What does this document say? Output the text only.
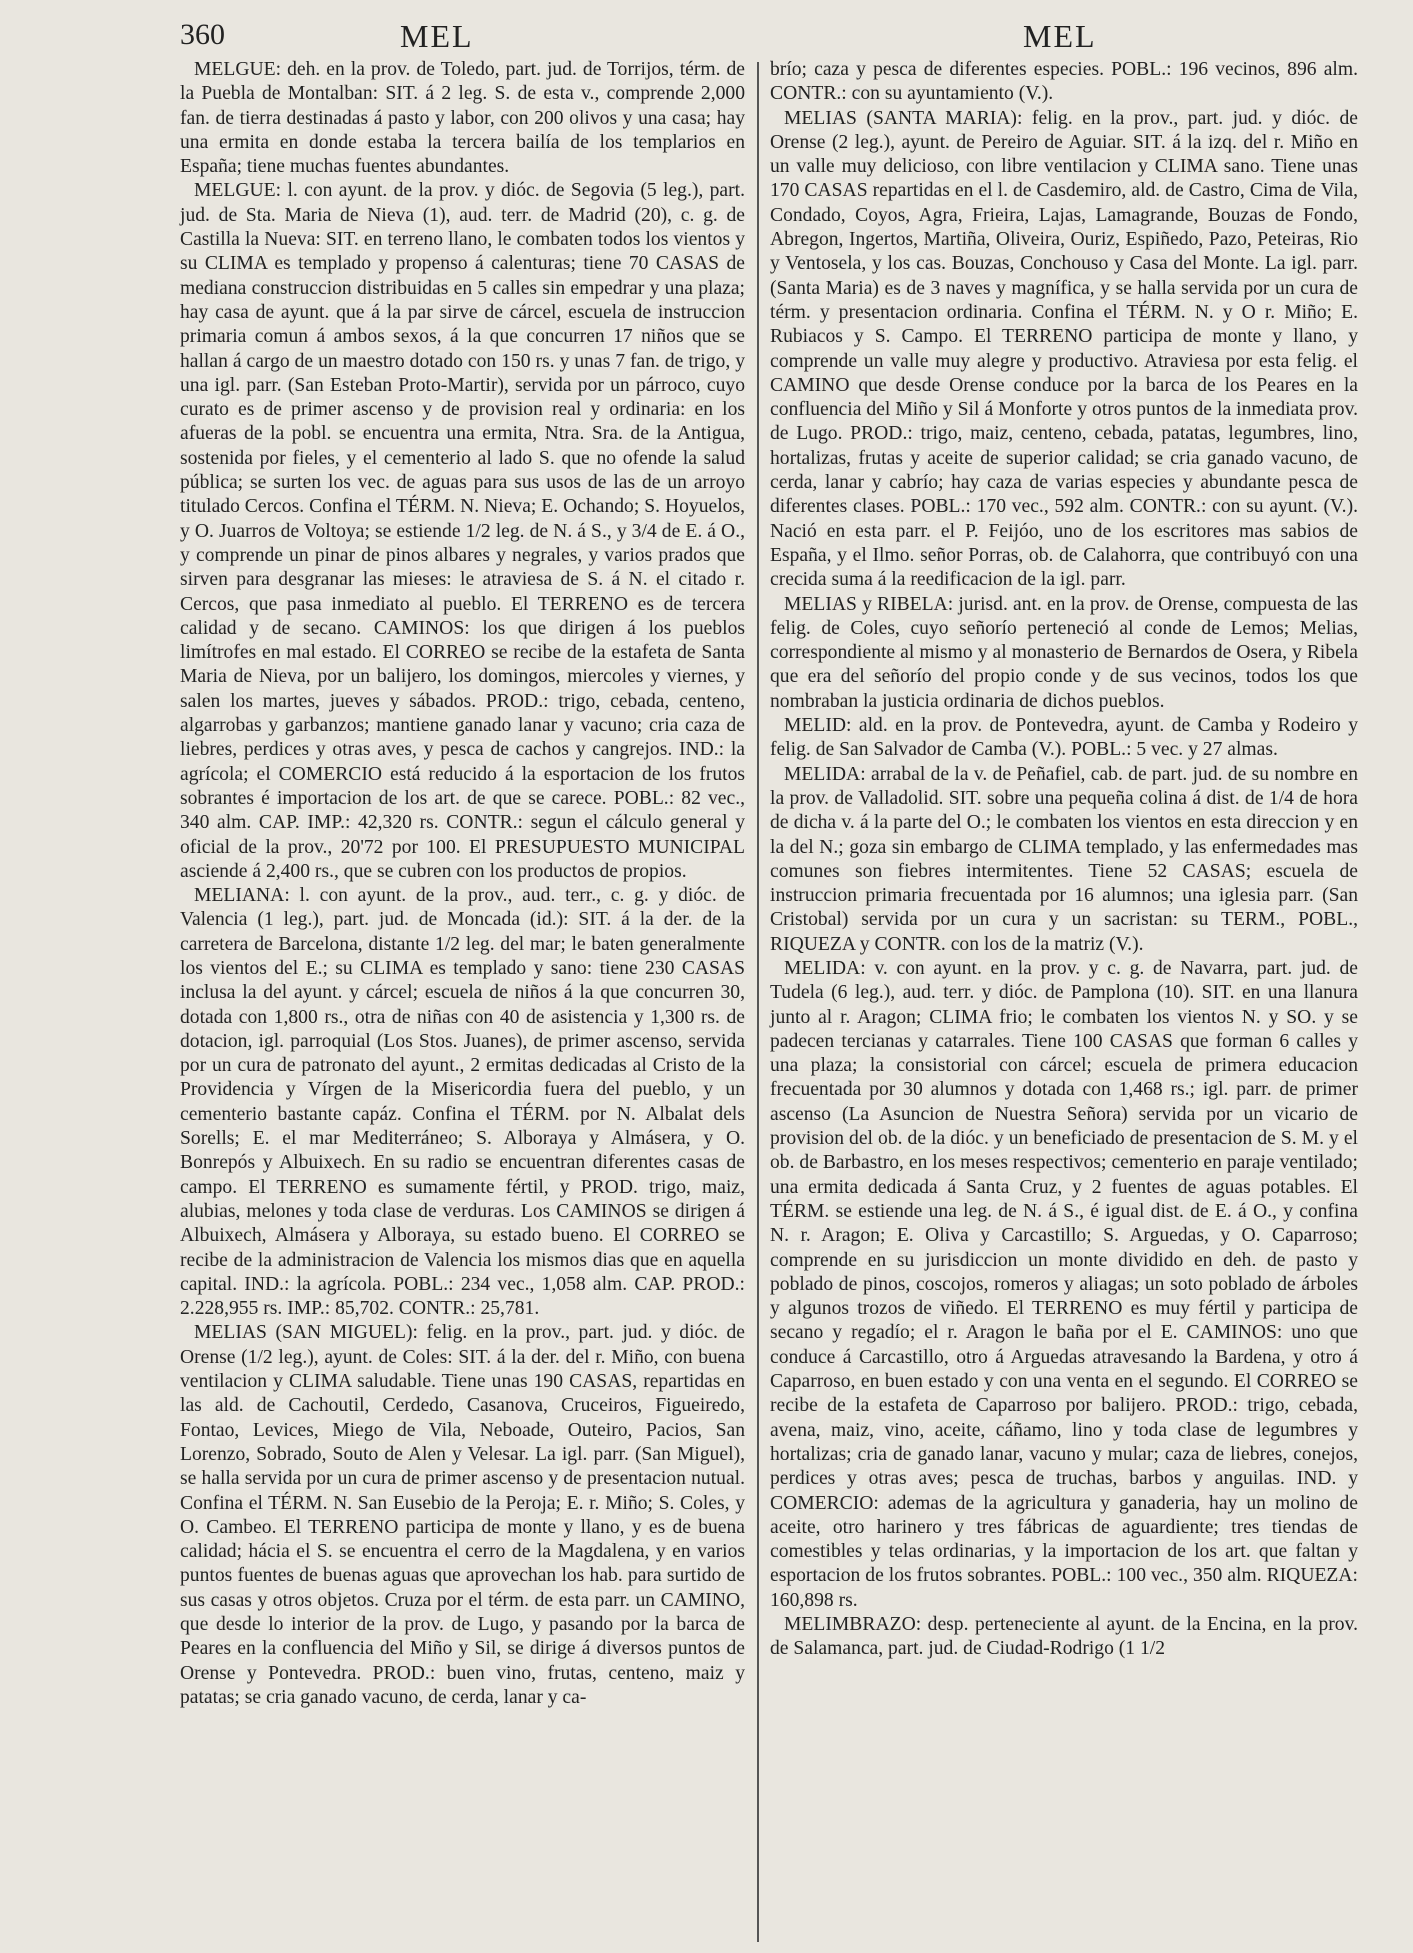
360	MEL	MEL

MELGUE: deh. en la prov. de Toledo, part. jud. de Torrijos, térm. de la Puebla de Montalban: SIT. á 2 leg. S. de esta v., comprende 2,000 fan. de tierra destinadas á pasto y labor, con 200 olivos y una casa; hay una ermita en donde estaba la tercera bailía de los templarios en España; tiene muchas fuentes abundantes.

MELGUE: l. con ayunt. de la prov. y dióc. de Segovia (5 leg.), part. jud. de Sta. Maria de Nieva (1), aud. terr. de Madrid (20), c. g. de Castilla la Nueva: SIT. en terreno llano, le combaten todos los vientos y su CLIMA es templado y propenso á calenturas; tiene 70 CASAS de mediana construccion distribuidas en 5 calles sin empedrar y una plaza; hay casa de ayunt. que á la par sirve de cárcel, escuela de instruccion primaria comun á ambos sexos, á la que concurren 17 niños que se hallan á cargo de un maestro dotado con 150 rs. y unas 7 fan. de trigo, y una igl. parr. (San Esteban Proto-Martir), servida por un párroco, cuyo curato es de primer ascenso y de provision real y ordinaria: en los afueras de la pobl. se encuentra una ermita, Ntra. Sra. de la Antigua, sostenida por fieles, y el cementerio al lado S. que no ofende la salud pública; se surten los vec. de aguas para sus usos de las de un arroyo titulado Cercos. Confina el TÉRM. N. Nieva; E. Ochando; S. Hoyuelos, y O. Juarros de Voltoya; se estiende 1/2 leg. de N. á S., y 3/4 de E. á O., y comprende un pinar de pinos albares y negrales, y varios prados que sirven para desgranar las mieses: le atraviesa de S. á N. el citado r. Cercos, que pasa inmediato al pueblo. El TERRENO es de tercera calidad y de secano. CAMINOS: los que dirigen á los pueblos limítrofes en mal estado. El CORREO se recibe de la estafeta de Santa Maria de Nieva, por un balijero, los domingos, miercoles y viernes, y salen los martes, jueves y sábados. PROD.: trigo, cebada, centeno, algarrobas y garbanzos; mantiene ganado lanar y vacuno; cria caza de liebres, perdices y otras aves, y pesca de cachos y cangrejos. IND.: la agrícola; el COMERCIO está reducido á la esportacion de los frutos sobrantes é importacion de los art. de que se carece. POBL.: 82 vec., 340 alm. CAP. IMP.: 42,320 rs. CONTR.: segun el cálculo general y oficial de la prov., 20'72 por 100. El PRESUPUESTO MUNICIPAL asciende á 2,400 rs., que se cubren con los productos de propios.

MELIANA: l. con ayunt. de la prov., aud. terr., c. g. y dióc. de Valencia (1 leg.), part. jud. de Moncada (id.): SIT. á la der. de la carretera de Barcelona, distante 1/2 leg. del mar; le baten generalmente los vientos del E.; su CLIMA es templado y sano: tiene 230 CASAS inclusa la del ayunt. y cárcel; escuela de niños á la que concurren 30, dotada con 1,800 rs., otra de niñas con 40 de asistencia y 1,300 rs. de dotacion, igl. parroquial (Los Stos. Juanes), de primer ascenso, servida por un cura de patronato del ayunt., 2 ermitas dedicadas al Cristo de la Providencia y Vírgen de la Misericordia fuera del pueblo, y un cementerio bastante capáz. Confina el TÉRM. por N. Albalat dels Sorells; E. el mar Mediterráneo; S. Alboraya y Almásera, y O. Bonrepós y Albuixech. En su radio se encuentran diferentes casas de campo. El TERRENO es sumamente fértil, y PROD. trigo, maiz, alubias, melones y toda clase de verduras. Los CAMINOS se dirigen á Albuixech, Almásera y Alboraya, su estado bueno. El CORREO se recibe de la administracion de Valencia los mismos dias que en aquella capital. IND.: la agrícola. POBL.: 234 vec., 1,058 alm. CAP. PROD.: 2.228,955 rs. IMP.: 85,702. CONTR.: 25,781.

MELIAS (SAN MIGUEL): felig. en la prov., part. jud. y dióc. de Orense (1/2 leg.), ayunt. de Coles: SIT. á la der. del r. Miño, con buena ventilacion y CLIMA saludable. Tiene unas 190 CASAS, repartidas en las ald. de Cachoutil, Cerdedo, Casanova, Cruceiros, Figueiredo, Fontao, Levices, Miego de Vila, Neboade, Outeiro, Pacios, San Lorenzo, Sobrado, Souto de Alen y Velesar. La igl. parr. (San Miguel), se halla servida por un cura de primer ascenso y de presentacion nutual. Confina el TÉRM. N. San Eusebio de la Peroja; E. r. Miño; S. Coles, y O. Cambeo. El TERRENO participa de monte y llano, y es de buena calidad; hácia el S. se encuentra el cerro de la Magdalena, y en varios puntos fuentes de buenas aguas que aprovechan los hab. para surtido de sus casas y otros objetos. Cruza por el térm. de esta parr. un CAMINO, que desde lo interior de la prov. de Lugo, y pasando por la barca de Peares en la confluencia del Miño y Sil, se dirige á diversos puntos de Orense y Pontevedra. PROD.: buen vino, frutas, centeno, maiz y patatas; se cria ganado vacuno, de cerda, lanar y ca-

brío; caza y pesca de diferentes especies. POBL.: 196 vecinos, 896 alm. CONTR.: con su ayuntamiento (V.).

MELIAS (SANTA MARIA): felig. en la prov., part. jud. y dióc. de Orense (2 leg.), ayunt. de Pereiro de Aguiar. SIT. á la izq. del r. Miño en un valle muy delicioso, con libre ventilacion y CLIMA sano. Tiene unas 170 CASAS repartidas en el l. de Casdemiro, ald. de Castro, Cima de Vila, Condado, Coyos, Agra, Frieira, Lajas, Lamagrande, Bouzas de Fondo, Abregon, Ingertos, Martiña, Oliveira, Ouriz, Espiñedo, Pazo, Peteiras, Rio y Ventosela, y los cas. Bouzas, Conchouso y Casa del Monte. La igl. parr. (Santa Maria) es de 3 naves y magnífica, y se halla servida por un cura de térm. y presentacion ordinaria. Confina el TÉRM. N. y O r. Miño; E. Rubiacos y S. Campo. El TERRENO participa de monte y llano, y comprende un valle muy alegre y productivo. Atraviesa por esta felig. el CAMINO que desde Orense conduce por la barca de los Peares en la confluencia del Miño y Sil á Monforte y otros puntos de la inmediata prov. de Lugo. PROD.: trigo, maiz, centeno, cebada, patatas, legumbres, lino, hortalizas, frutas y aceite de superior calidad; se cria ganado vacuno, de cerda, lanar y cabrío; hay caza de varias especies y abundante pesca de diferentes clases. POBL.: 170 vec., 592 alm. CONTR.: con su ayunt. (V.). Nació en esta parr. el P. Feijóo, uno de los escritores mas sabios de España, y el Ilmo. señor Porras, ob. de Calahorra, que contribuyó con una crecida suma á la reedificacion de la igl. parr.

MELIAS y RIBELA: jurisd. ant. en la prov. de Orense, compuesta de las felig. de Coles, cuyo señorío perteneció al conde de Lemos; Melias, correspondiente al mismo y al monasterio de Bernardos de Osera, y Ribela que era del señorío del propio conde y de sus vecinos, todos los que nombraban la justicia ordinaria de dichos pueblos.

MELID: ald. en la prov. de Pontevedra, ayunt. de Camba y Rodeiro y felig. de San Salvador de Camba (V.). POBL.: 5 vec. y 27 almas.

MELIDA: arrabal de la v. de Peñafiel, cab. de part. jud. de su nombre en la prov. de Valladolid. SIT. sobre una pequeña colina á dist. de 1/4 de hora de dicha v. á la parte del O.; le combaten los vientos en esta direccion y en la del N.; goza sin embargo de CLIMA templado, y las enfermedades mas comunes son fiebres intermitentes. Tiene 52 CASAS; escuela de instruccion primaria frecuentada por 16 alumnos; una iglesia parr. (San Cristobal) servida por un cura y un sacristan: su TERM., POBL., RIQUEZA y CONTR. con los de la matriz (V.).

MELIDA: v. con ayunt. en la prov. y c. g. de Navarra, part. jud. de Tudela (6 leg.), aud. terr. y dióc. de Pamplona (10). SIT. en una llanura junto al r. Aragon; CLIMA frio; le combaten los vientos N. y SO. y se padecen tercianas y catarrales. Tiene 100 CASAS que forman 6 calles y una plaza; la consistorial con cárcel; escuela de primera educacion frecuentada por 30 alumnos y dotada con 1,468 rs.; igl. parr. de primer ascenso (La Asuncion de Nuestra Señora) servida por un vicario de provision del ob. de la dióc. y un beneficiado de presentacion de S. M. y el ob. de Barbastro, en los meses respectivos; cementerio en paraje ventilado; una ermita dedicada á Santa Cruz, y 2 fuentes de aguas potables. El TÉRM. se estiende una leg. de N. á S., é igual dist. de E. á O., y confina N. r. Aragon; E. Oliva y Carcastillo; S. Arguedas, y O. Caparroso; comprende en su jurisdiccion un monte dividido en deh. de pasto y poblado de pinos, coscojos, romeros y aliagas; un soto poblado de árboles y algunos trozos de viñedo. El TERRENO es muy fértil y participa de secano y regadío; el r. Aragon le baña por el E. CAMINOS: uno que conduce á Carcastillo, otro á Arguedas atravesando la Bardena, y otro á Caparroso, en buen estado y con una venta en el segundo. El CORREO se recibe de la estafeta de Caparroso por balijero. PROD.: trigo, cebada, avena, maiz, vino, aceite, cáñamo, lino y toda clase de legumbres y hortalizas; cria de ganado lanar, vacuno y mular; caza de liebres, conejos, perdices y otras aves; pesca de truchas, barbos y anguilas. IND. y COMERCIO: ademas de la agricultura y ganaderia, hay un molino de aceite, otro harinero y tres fábricas de aguardiente; tres tiendas de comestibles y telas ordinarias, y la importacion de los art. que faltan y esportacion de los frutos sobrantes. POBL.: 100 vec., 350 alm. RIQUEZA: 160,898 rs.

MELIMBRAZO: desp. perteneciente al ayunt. de la Encina, en la prov. de Salamanca, part. jud. de Ciudad-Rodrigo (1 1/2
